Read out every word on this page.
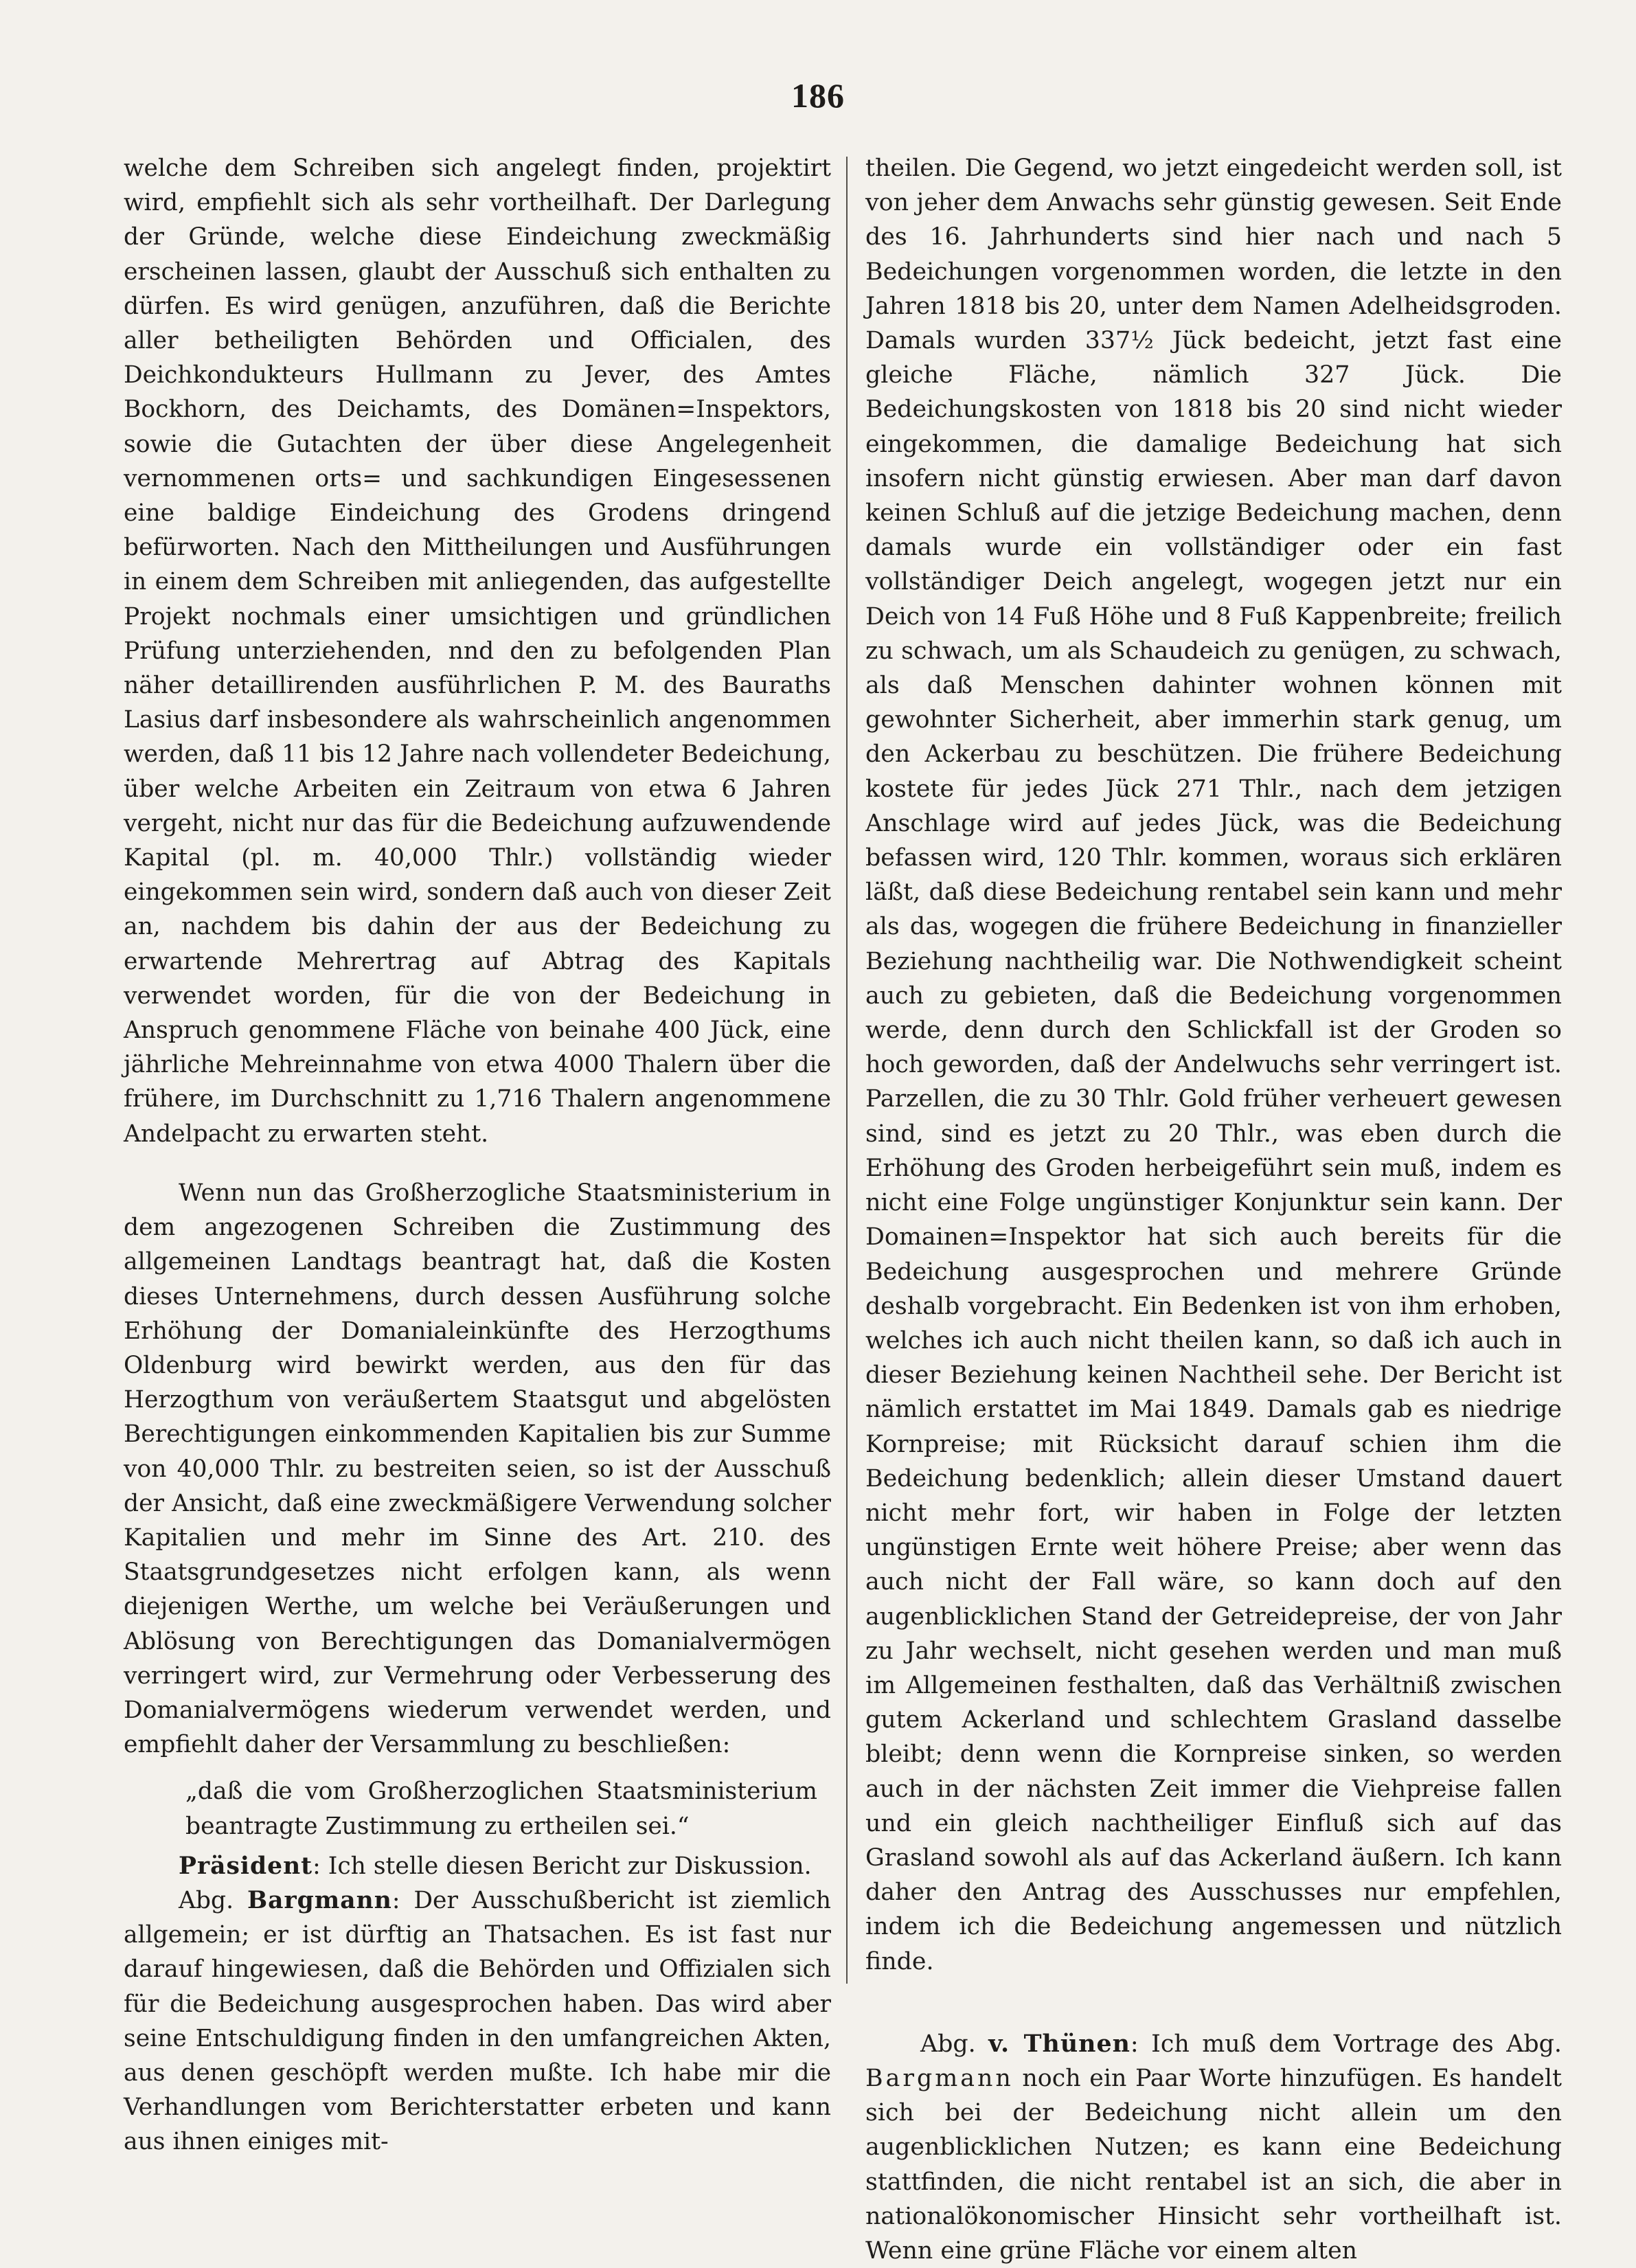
186

welche dem Schreiben sich angelegt finden, projektirt wird, empfiehlt sich als sehr vortheilhaft. Der Darlegung der Gründe, welche diese Eindeichung zweckmäßig erscheinen lassen, glaubt der Ausschuß sich enthalten zu dürfen. Es wird genügen, anzuführen, daß die Berichte aller betheiligten Behörden und Officialen, des Deichkondukteurs Hullmann zu Jever, des Amtes Bockhorn, des Deichamts, des Domänen=Inspektors, sowie die Gutachten der über diese Angelegenheit vernommenen orts= und sachkundigen Eingesessenen eine baldige Eindeichung des Grodens dringend befürworten. Nach den Mittheilungen und Ausführungen in einem dem Schreiben mit anliegenden, das aufgestellte Projekt nochmals einer umsichtigen und gründlichen Prüfung unterziehenden, nnd den zu befolgenden Plan näher detaillirenden ausführlichen P. M. des Bauraths Lasius darf insbesondere als wahrscheinlich angenommen werden, daß 11 bis 12 Jahre nach vollendeter Bedeichung, über welche Arbeiten ein Zeitraum von etwa 6 Jahren vergeht, nicht nur das für die Bedeichung aufzuwendende Kapital (pl. m. 40,000 Thlr.) vollständig wieder eingekommen sein wird, sondern daß auch von dieser Zeit an, nachdem bis dahin der aus der Bedeichung zu erwartende Mehrertrag auf Abtrag des Kapitals verwendet worden, für die von der Bedeichung in Anspruch genommene Fläche von beinahe 400 Jück, eine jährliche Mehreinnahme von etwa 4000 Thalern über die frühere, im Durchschnitt zu 1,716 Thalern angenommene Andelpacht zu erwarten steht.

Wenn nun das Großherzogliche Staatsministerium in dem angezogenen Schreiben die Zustimmung des allgemeinen Landtags beantragt hat, daß die Kosten dieses Unternehmens, durch dessen Ausführung solche Erhöhung der Domanialeinkünfte des Herzogthums Oldenburg wird bewirkt werden, aus den für das Herzogthum von veräußertem Staatsgut und abgelösten Berechtigungen einkommenden Kapitalien bis zur Summe von 40,000 Thlr. zu bestreiten seien, so ist der Ausschuß der Ansicht, daß eine zweckmäßigere Verwendung solcher Kapitalien und mehr im Sinne des Art. 210. des Staatsgrundgesetzes nicht erfolgen kann, als wenn diejenigen Werthe, um welche bei Veräußerungen und Ablösung von Berechtigungen das Domanialvermögen verringert wird, zur Vermehrung oder Verbesserung des Domanialvermögens wiederum verwendet werden, und empfiehlt daher der Versammlung zu beschließen:

„daß die vom Großherzoglichen Staatsministerium beantragte Zustimmung zu ertheilen sei.“

Präsident: Ich stelle diesen Bericht zur Diskussion.

Abg. Bargmann: Der Ausschußbericht ist ziemlich allgemein; er ist dürftig an Thatsachen. Es ist fast nur darauf hingewiesen, daß die Behörden und Offizialen sich für die Bedeichung ausgesprochen haben. Das wird aber seine Entschuldigung finden in den umfangreichen Akten, aus denen geschöpft werden mußte. Ich habe mir die Verhandlungen vom Berichterstatter erbeten und kann aus ihnen einiges mit-

theilen. Die Gegend, wo jetzt eingedeicht werden soll, ist von jeher dem Anwachs sehr günstig gewesen. Seit Ende des 16. Jahrhunderts sind hier nach und nach 5 Bedeichungen vorgenommen worden, die letzte in den Jahren 1818 bis 20, unter dem Namen Adelheidsgroden. Damals wurden 337½ Jück bedeicht, jetzt fast eine gleiche Fläche, nämlich 327 Jück. Die Bedeichungskosten von 1818 bis 20 sind nicht wieder eingekommen, die damalige Bedeichung hat sich insofern nicht günstig erwiesen. Aber man darf davon keinen Schluß auf die jetzige Bedeichung machen, denn damals wurde ein vollständiger oder ein fast vollständiger Deich angelegt, wogegen jetzt nur ein Deich von 14 Fuß Höhe und 8 Fuß Kappenbreite; freilich zu schwach, um als Schaudeich zu genügen, zu schwach, als daß Menschen dahinter wohnen können mit gewohnter Sicherheit, aber immerhin stark genug, um den Ackerbau zu beschützen. Die frühere Bedeichung kostete für jedes Jück 271 Thlr., nach dem jetzigen Anschlage wird auf jedes Jück, was die Bedeichung befassen wird, 120 Thlr. kommen, woraus sich erklären läßt, daß diese Bedeichung rentabel sein kann und mehr als das, wogegen die frühere Bedeichung in finanzieller Beziehung nachtheilig war. Die Nothwendigkeit scheint auch zu gebieten, daß die Bedeichung vorgenommen werde, denn durch den Schlickfall ist der Groden so hoch geworden, daß der Andelwuchs sehr verringert ist. Parzellen, die zu 30 Thlr. Gold früher verheuert gewesen sind, sind es jetzt zu 20 Thlr., was eben durch die Erhöhung des Groden herbeigeführt sein muß, indem es nicht eine Folge ungünstiger Konjunktur sein kann. Der Domainen=Inspektor hat sich auch bereits für die Bedeichung ausgesprochen und mehrere Gründe deshalb vorgebracht. Ein Bedenken ist von ihm erhoben, welches ich auch nicht theilen kann, so daß ich auch in dieser Beziehung keinen Nachtheil sehe. Der Bericht ist nämlich erstattet im Mai 1849. Damals gab es niedrige Kornpreise; mit Rücksicht darauf schien ihm die Bedeichung bedenklich; allein dieser Umstand dauert nicht mehr fort, wir haben in Folge der letzten ungünstigen Ernte weit höhere Preise; aber wenn das auch nicht der Fall wäre, so kann doch auf den augenblicklichen Stand der Getreidepreise, der von Jahr zu Jahr wechselt, nicht gesehen werden und man muß im Allgemeinen festhalten, daß das Verhältniß zwischen gutem Ackerland und schlechtem Grasland dasselbe bleibt; denn wenn die Kornpreise sinken, so werden auch in der nächsten Zeit immer die Viehpreise fallen und ein gleich nachtheiliger Einfluß sich auf das Grasland sowohl als auf das Ackerland äußern. Ich kann daher den Antrag des Ausschusses nur empfehlen, indem ich die Bedeichung angemessen und nützlich finde.

Abg. v. Thünen: Ich muß dem Vortrage des Abg. Bargmann noch ein Paar Worte hinzufügen. Es handelt sich bei der Bedeichung nicht allein um den augenblicklichen Nutzen; es kann eine Bedeichung stattfinden, die nicht rentabel ist an sich, die aber in nationalökonomischer Hinsicht sehr vortheilhaft ist. Wenn eine grüne Fläche vor einem alten
